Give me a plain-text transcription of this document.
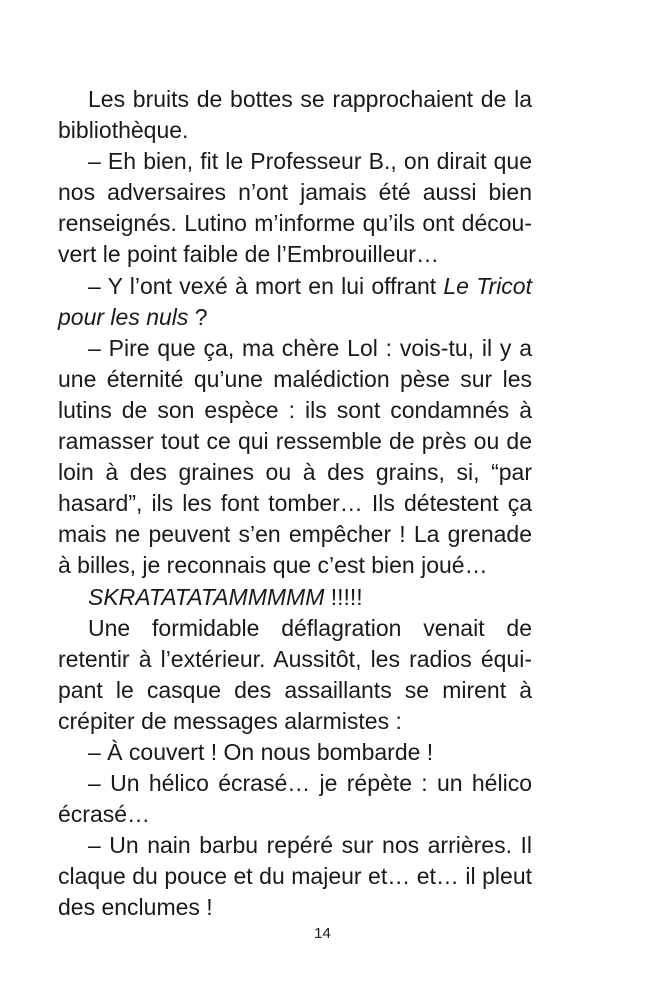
Les bruits de bottes se rapprochaient de la bibliothèque.

– Eh bien, fit le Professeur B., on dirait que nos adversaires n’ont jamais été aussi bien renseignés. Lutino m’informe qu’ils ont découvert le point faible de l’Embrouilleur…

– Y l’ont vexé à mort en lui offrant Le Tricot pour les nuls ?

– Pire que ça, ma chère Lol : vois-tu, il y a une éternité qu’une malédiction pèse sur les lutins de son espèce : ils sont condamnés à ramasser tout ce qui ressemble de près ou de loin à des graines ou à des grains, si, “par hasard”, ils les font tomber… Ils détestent ça mais ne peuvent s’en empêcher ! La grenade à billes, je reconnais que c’est bien joué…

SKRATATATAMMMMM !!!!!

Une formidable déflagration venait de retentir à l’extérieur. Aussitôt, les radios équipant le casque des assaillants se mirent à crépiter de messages alarmistes :

– À couvert ! On nous bombarde !

– Un hélico écrasé… je répète : un hélico écrasé…

– Un nain barbu repéré sur nos arrières. Il claque du pouce et du majeur et… et… il pleut des enclumes !

14
